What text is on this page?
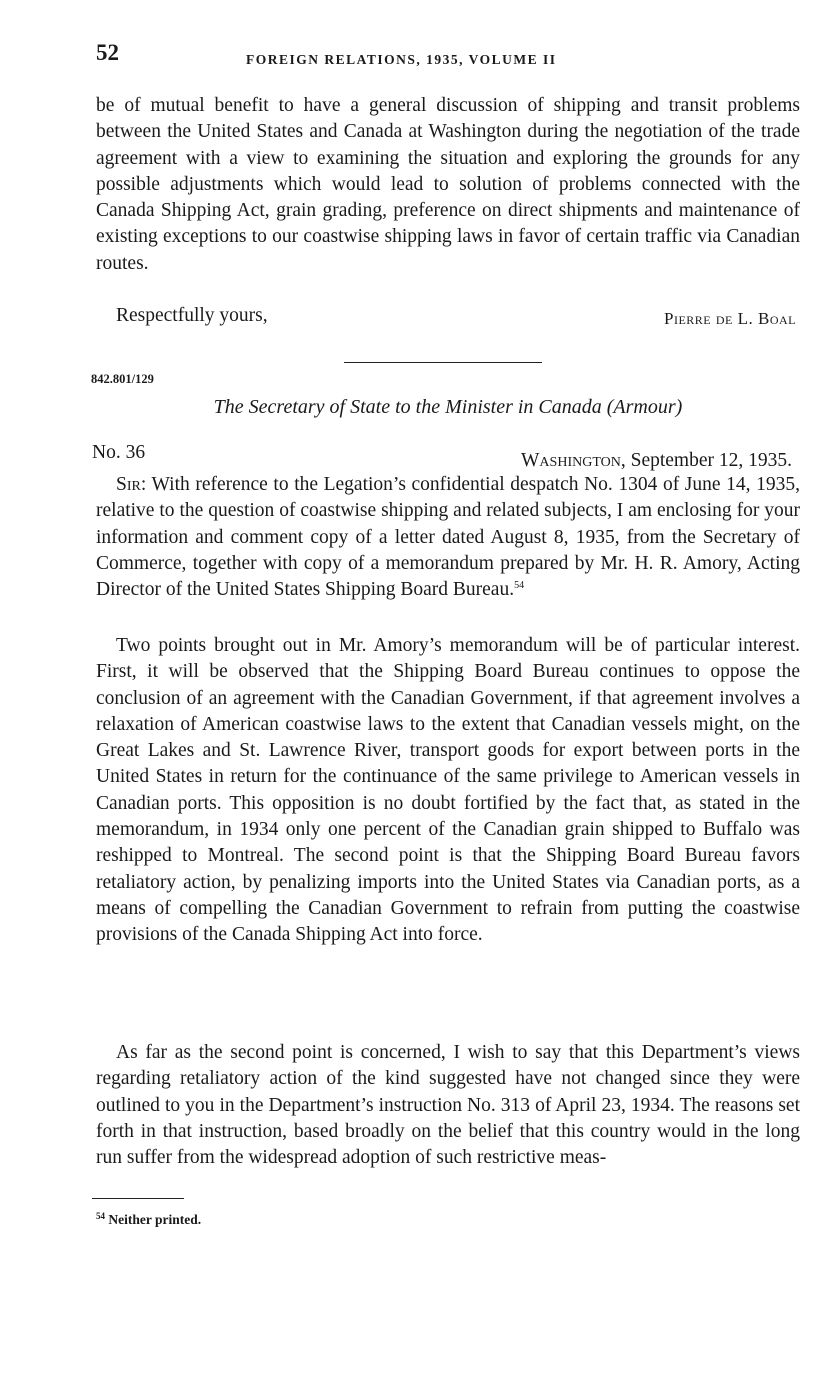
52	FOREIGN RELATIONS, 1935, VOLUME II

be of mutual benefit to have a general discussion of shipping and transit problems between the United States and Canada at Washington during the negotiation of the trade agreement with a view to examining the situation and exploring the grounds for any possible adjustments which would lead to solution of problems connected with the Canada Shipping Act, grain grading, preference on direct shipments and maintenance of existing exceptions to our coastwise shipping laws in favor of certain traffic via Canadian routes.

Respectfully yours,	Pierre de L. Boal
842.801/129
The Secretary of State to the Minister in Canada (Armour)
No. 36	Washington, September 12, 1935.

Sir: With reference to the Legation’s confidential despatch No. 1304 of June 14, 1935, relative to the question of coastwise shipping and related subjects, I am enclosing for your information and comment copy of a letter dated August 8, 1935, from the Secretary of Commerce, together with copy of a memorandum prepared by Mr. H. R. Amory, Acting Director of the United States Shipping Board Bureau.$^{54}$

Two points brought out in Mr. Amory’s memorandum will be of particular interest. First, it will be observed that the Shipping Board Bureau continues to oppose the conclusion of an agreement with the Canadian Government, if that agreement involves a relaxation of American coastwise laws to the extent that Canadian vessels might, on the Great Lakes and St. Lawrence River, transport goods for export between ports in the United States in return for the continuance of the same privilege to American vessels in Canadian ports. This opposition is no doubt fortified by the fact that, as stated in the memorandum, in 1934 only one percent of the Canadian grain shipped to Buffalo was reshipped to Montreal. The second point is that the Shipping Board Bureau favors retaliatory action, by penalizing imports into the United States via Canadian ports, as a means of compelling the Canadian Government to refrain from putting the coastwise provisions of the Canada Shipping Act into force.

As far as the second point is concerned, I wish to say that this Department’s views regarding retaliatory action of the kind suggested have not changed since they were outlined to you in the Department’s instruction No. 313 of April 23, 1934. The reasons set forth in that instruction, based broadly on the belief that this country would in the long run suffer from the widespread adoption of such restrictive meas-

$^{54}$ Neither printed.
